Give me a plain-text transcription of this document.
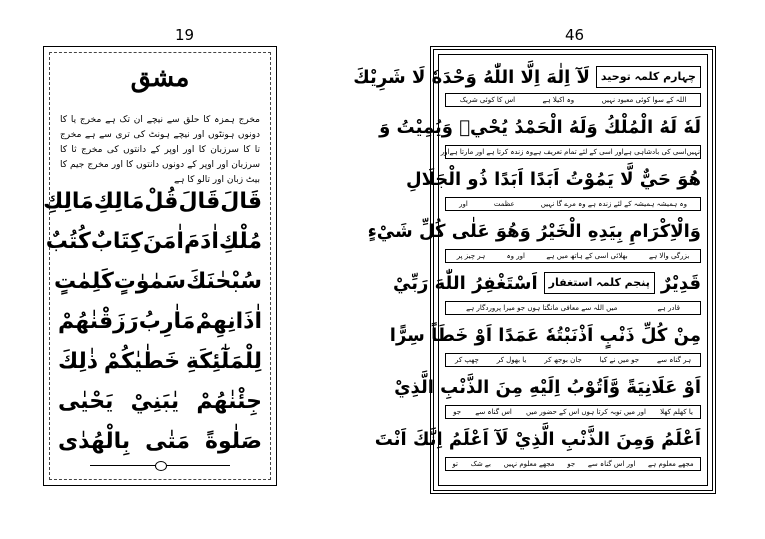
19
مشق
مخرج ہمزہ کا حلق سے نیچے ان تک ہے مخرج یا کا دونوں ہونٹوں اور نیچے ہونٹ کی تری سے ہے مخرج تا کا سرزبان کا اور اوپر کے دانتوں کی مخرج ثا کا سرزبان اور اوپر کے دونوں دانتوں کا اور مخرج جیم کا بیٹ زبان اور تالو کا ہے
قَالَ
قَالَ
قُلْ
مَالِكِ
مَالِكِ
مُلْكِ
اٰدَمَ
اٰمَنَ
كِتَابٌ
كُتُبٌ
سُبْحٰنَكَ
سَمٰوٰتٍ
كَلِمٰتٍ
اٰذَانِهِمْ
مَاٰرِبُ
رَزَقْنٰهُمْ
لِلْمَلٰٓئِكَةِ
خَطٰيٰكُمْ
ذٰلِكَ
جِئْنٰهُمْ
يٰبَنِيْ
يَحْيٰى
صَلٰوةً
مَتٰى
بِالْهُدٰى
46
چہارم کلمہ توحید
لَآ اِلٰهَ اِلَّا اللّٰهُ وَحْدَهٗ لَا شَرِيْكَ
اللہ کے سوا کوئی معبود نہیں
وہ اکیلا ہے
اس کا کوئی شریک
لَهٗ لَهُ الْمُلْكُ وَلَهُ الْحَمْدُ يُحْيٖ وَيُمِيْتُ وَ
نہیں
اسی کی بادشاہی ہے
اور اسی کے لئے تمام تعریف ہے
وہ زندہ کرتا ہے اور مارتا ہے
اور
هُوَ حَيٌّ لَّا يَمُوْتُ اَبَدًا اَبَدًا ذُو الْجَلَالِ
وہ ہمیشہ ہمیشہ کے لئے زندہ ہے وہ مرے گا نہیں
عظمت
اور
وَالْاِكْرَامِ بِيَدِهِ الْخَيْرُ وَهُوَ عَلٰى كُلِّ شَيْءٍ
بزرگی والا ہے
بھلائی اسی کے ہاتھ میں ہے
اور وہ
ہر چیز پر
قَدِيْرٌ
پنجم کلمہ استغفار
اَسْتَغْفِرُ اللّٰهَ رَبِّيْ
قادر ہے
میں اللہ سے معافی مانگتا ہوں جو میرا پروردگار ہے
مِنْ كُلِّ ذَنْبٍ اَذْنَبْتُهٗ عَمَدًا اَوْ خَطَاً سِرًّا
ہر گناہ سے
جو میں نے کیا
جان بوجھ کر
یا بھول کر
چھپ کر
اَوْ عَلَانِيَةً وَّاَتُوْبُ اِلَيْهِ مِنَ الذَّنْبِ الَّذِيْ
یا کھلم کھلا
اور میں توبہ کرتا ہوں اس کے حضور میں
اس گناہ سے
جو
اَعْلَمُ وَمِنَ الذَّنْبِ الَّذِيْ لَآ اَعْلَمُ اِنَّكَ اَنْتَ
مجھے معلوم ہے
اور اس گناہ سے
جو
مجھے معلوم نہیں
بے شک
تو
